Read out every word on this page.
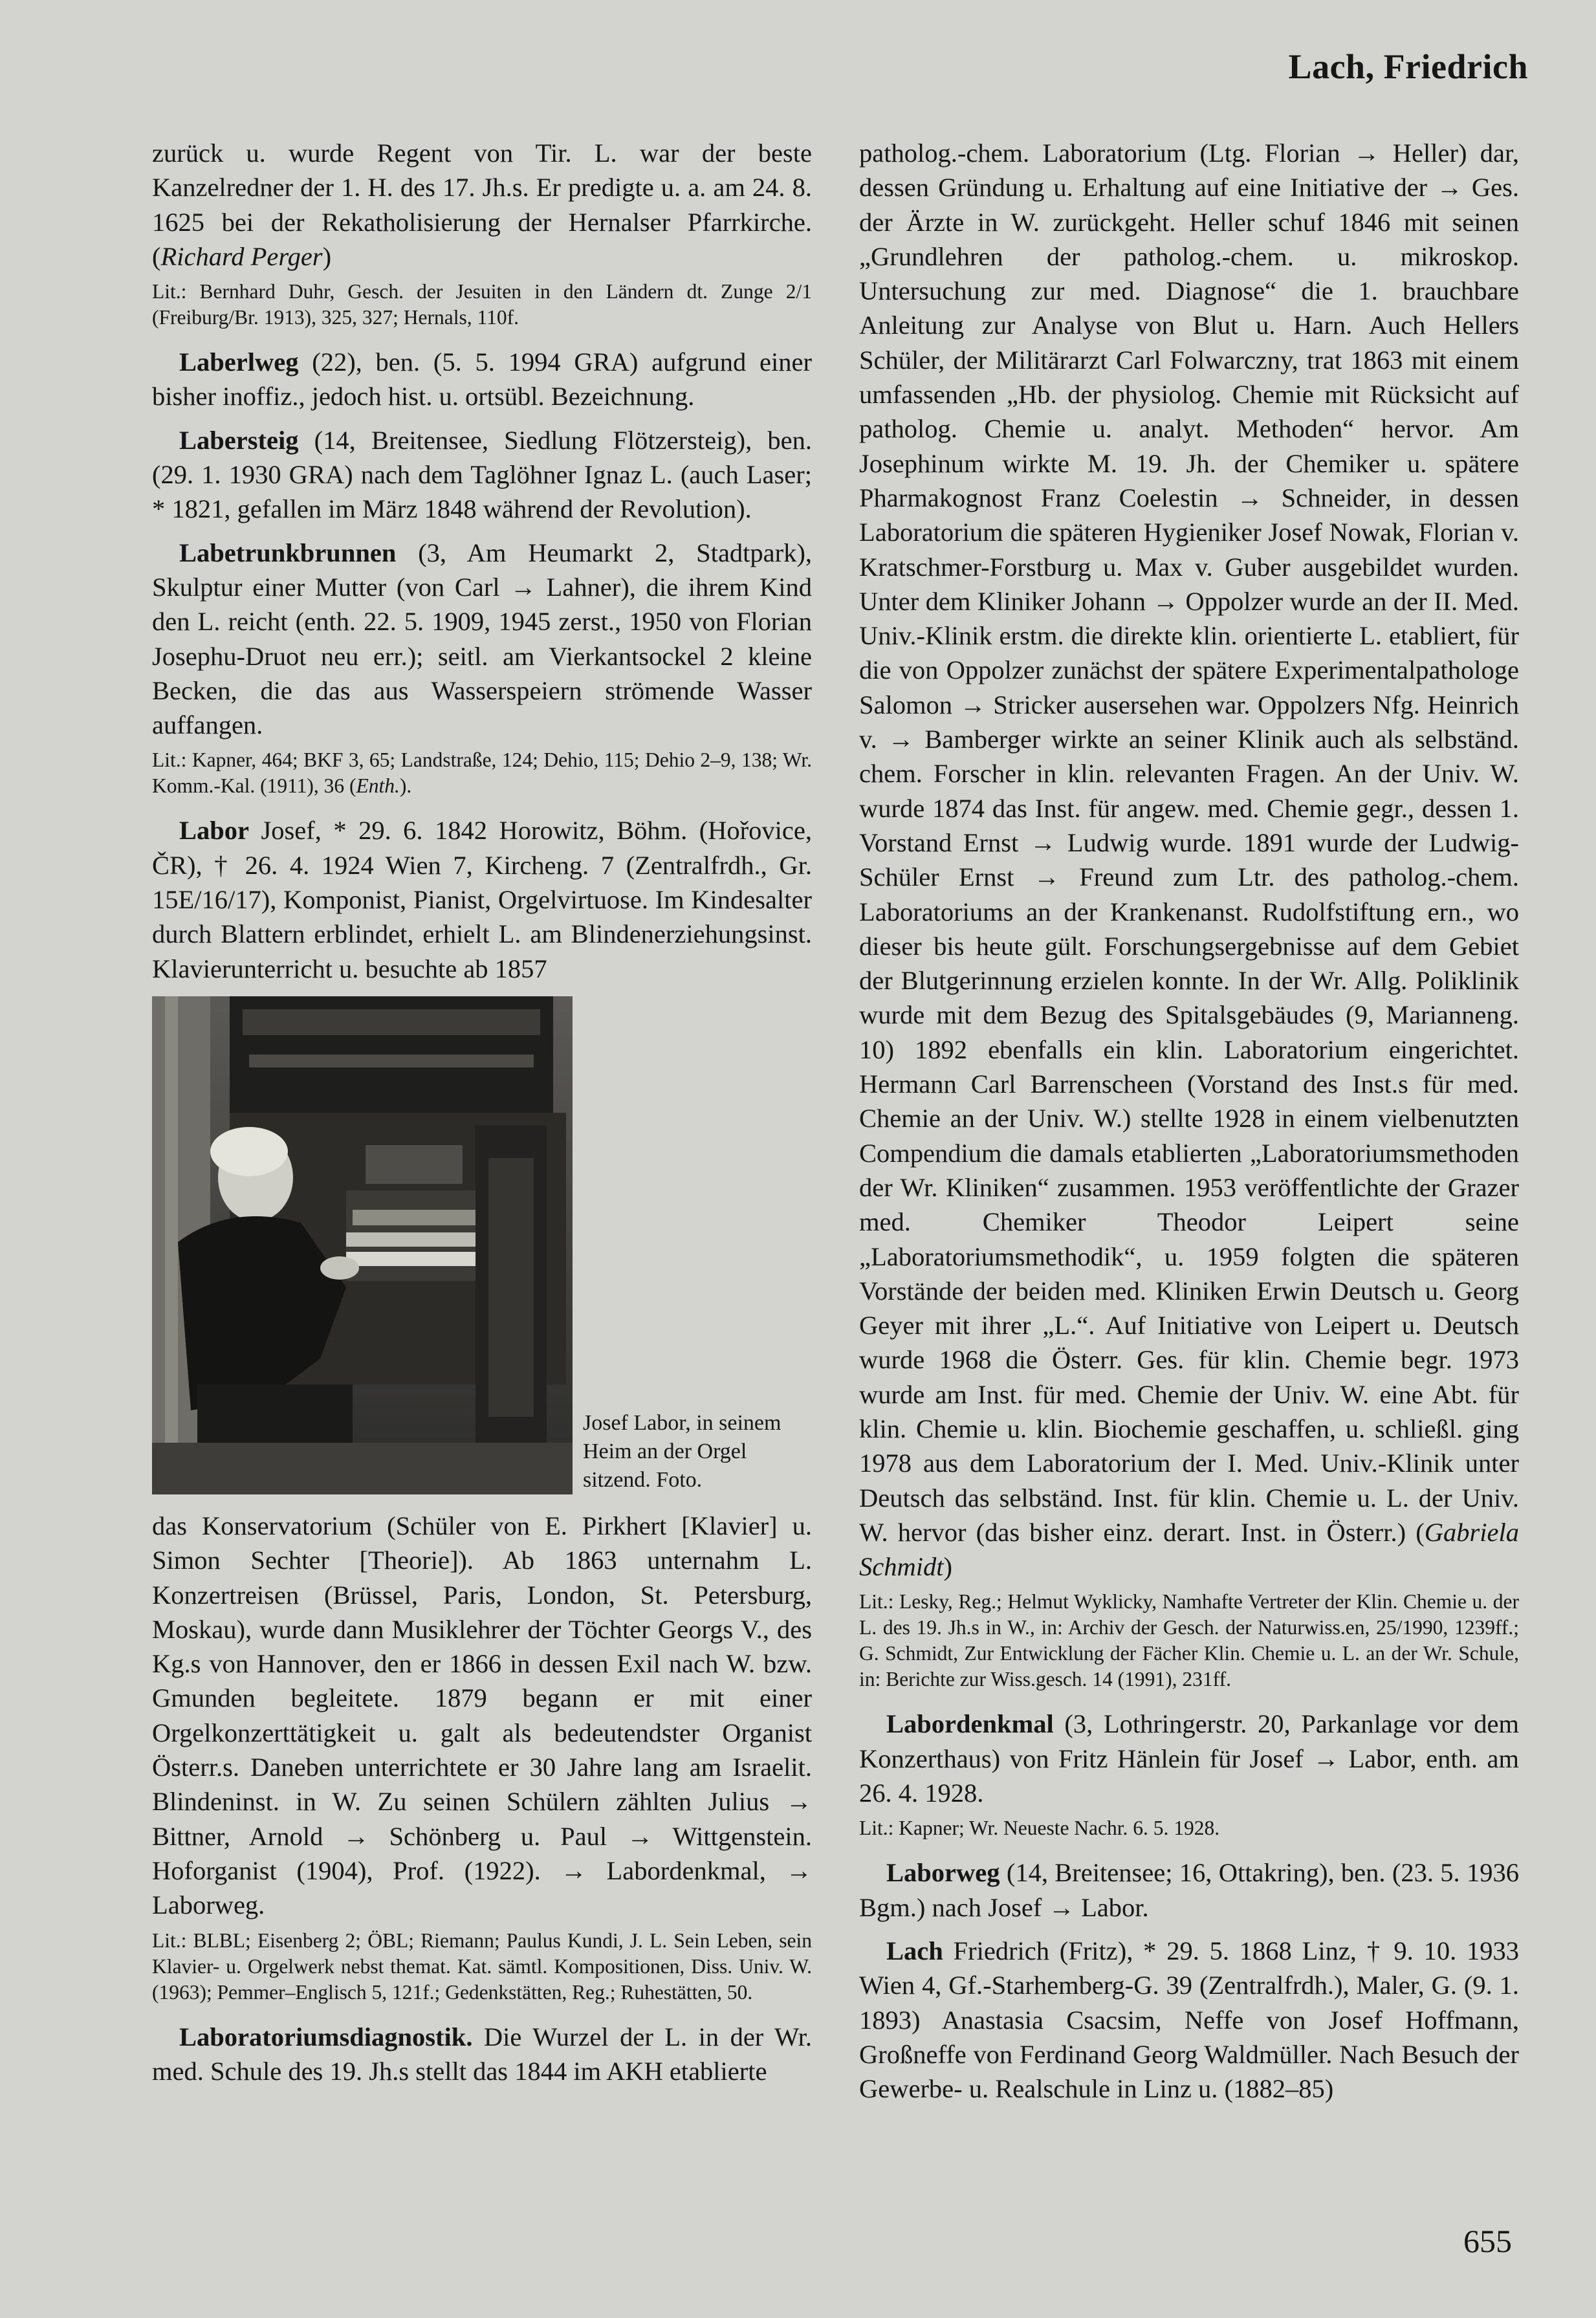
Lach, Friedrich

zurück u. wurde Regent von Tir. L. war der beste Kanzelredner der 1. H. des 17. Jh.s. Er predigte u. a. am 24. 8. 1625 bei der Rekatholisierung der Hernalser Pfarrkirche. (Richard Perger)

Lit.: Bernhard Duhr, Gesch. der Jesuiten in den Ländern dt. Zunge 2/1 (Freiburg/Br. 1913), 325, 327; Hernals, 110f.

Laberlweg (22), ben. (5. 5. 1994 GRA) aufgrund einer bisher inoffiz., jedoch hist. u. ortsübl. Bezeichnung.

Labersteig (14, Breitensee, Siedlung Flötzersteig), ben. (29. 1. 1930 GRA) nach dem Taglöhner Ignaz L. (auch Laser; * 1821, gefallen im März 1848 während der Revolution).

Labetrunkbrunnen (3, Am Heumarkt 2, Stadtpark), Skulptur einer Mutter (von Carl → Lahner), die ihrem Kind den L. reicht (enth. 22. 5. 1909, 1945 zerst., 1950 von Florian Josephu-Druot neu err.); seitl. am Vierkantsockel 2 kleine Becken, die das aus Wasserspeiern strömende Wasser auffangen.

Lit.: Kapner, 464; BKF 3, 65; Landstraße, 124; Dehio, 115; Dehio 2–9, 138; Wr. Komm.-Kal. (1911), 36 (Enth.).

Labor Josef, * 29. 6. 1842 Horowitz, Böhm. (Hořovice, ČR), † 26. 4. 1924 Wien 7, Kircheng. 7 (Zentralfrdh., Gr. 15E/16/17), Komponist, Pianist, Orgelvirtuose. Im Kindesalter durch Blattern erblindet, erhielt L. am Blindenerziehungsinst. Klavierunterricht u. besuchte ab 1857

Josef Labor, in seinem Heim an der Orgel sitzend. Foto.

das Konservatorium (Schüler von E. Pirkhert [Klavier] u. Simon Sechter [Theorie]). Ab 1863 unternahm L. Konzertreisen (Brüssel, Paris, London, St. Petersburg, Moskau), wurde dann Musiklehrer der Töchter Georgs V., des Kg.s von Hannover, den er 1866 in dessen Exil nach W. bzw. Gmunden begleitete. 1879 begann er mit einer Orgelkonzerttätigkeit u. galt als bedeutendster Organist Österr.s. Daneben unterrichtete er 30 Jahre lang am Israelit. Blindeninst. in W. Zu seinen Schülern zählten Julius → Bittner, Arnold → Schönberg u. Paul → Wittgenstein. Hoforganist (1904), Prof. (1922). → Labordenkmal, → Laborweg.

Lit.: BLBL; Eisenberg 2; ÖBL; Riemann; Paulus Kundi, J. L. Sein Leben, sein Klavier- u. Orgelwerk nebst themat. Kat. sämtl. Kompositionen, Diss. Univ. W. (1963); Pemmer–Englisch 5, 121f.; Gedenkstätten, Reg.; Ruhestätten, 50.

Laboratoriumsdiagnostik. Die Wurzel der L. in der Wr. med. Schule des 19. Jh.s stellt das 1844 im AKH etablierte

patholog.-chem. Laboratorium (Ltg. Florian → Heller) dar, dessen Gründung u. Erhaltung auf eine Initiative der → Ges. der Ärzte in W. zurückgeht. Heller schuf 1846 mit seinen „Grundlehren der patholog.-chem. u. mikroskop. Untersuchung zur med. Diagnose“ die 1. brauchbare Anleitung zur Analyse von Blut u. Harn. Auch Hellers Schüler, der Militärarzt Carl Folwarczny, trat 1863 mit einem umfassenden „Hb. der physiolog. Chemie mit Rücksicht auf patholog. Chemie u. analyt. Methoden“ hervor. Am Josephinum wirkte M. 19. Jh. der Chemiker u. spätere Pharmakognost Franz Coelestin → Schneider, in dessen Laboratorium die späteren Hygieniker Josef Nowak, Florian v. Kratschmer-Forstburg u. Max v. Guber ausgebildet wurden. Unter dem Kliniker Johann → Oppolzer wurde an der II. Med. Univ.-Klinik erstm. die direkte klin. orientierte L. etabliert, für die von Oppolzer zunächst der spätere Experimentalpathologe Salomon → Stricker ausersehen war. Oppolzers Nfg. Heinrich v. → Bamberger wirkte an seiner Klinik auch als selbständ. chem. Forscher in klin. relevanten Fragen. An der Univ. W. wurde 1874 das Inst. für angew. med. Chemie gegr., dessen 1. Vorstand Ernst → Ludwig wurde. 1891 wurde der Ludwig-Schüler Ernst → Freund zum Ltr. des patholog.-chem. Laboratoriums an der Krankenanst. Rudolfstiftung ern., wo dieser bis heute gült. Forschungsergebnisse auf dem Gebiet der Blutgerinnung erzielen konnte. In der Wr. Allg. Poliklinik wurde mit dem Bezug des Spitalsgebäudes (9, Marianneng. 10) 1892 ebenfalls ein klin. Laboratorium eingerichtet. Hermann Carl Barrenscheen (Vorstand des Inst.s für med. Chemie an der Univ. W.) stellte 1928 in einem vielbenutzten Compendium die damals etablierten „Laboratoriumsmethoden der Wr. Kliniken“ zusammen. 1953 veröffentlichte der Grazer med. Chemiker Theodor Leipert seine „Laboratoriumsmethodik“, u. 1959 folgten die späteren Vorstände der beiden med. Kliniken Erwin Deutsch u. Georg Geyer mit ihrer „L.“. Auf Initiative von Leipert u. Deutsch wurde 1968 die Österr. Ges. für klin. Chemie begr. 1973 wurde am Inst. für med. Chemie der Univ. W. eine Abt. für klin. Chemie u. klin. Biochemie geschaffen, u. schließl. ging 1978 aus dem Laboratorium der I. Med. Univ.-Klinik unter Deutsch das selbständ. Inst. für klin. Chemie u. L. der Univ. W. hervor (das bisher einz. derart. Inst. in Österr.) (Gabriela Schmidt)

Lit.: Lesky, Reg.; Helmut Wyklicky, Namhafte Vertreter der Klin. Chemie u. der L. des 19. Jh.s in W., in: Archiv der Gesch. der Naturwiss.en, 25/1990, 1239ff.; G. Schmidt, Zur Entwicklung der Fächer Klin. Chemie u. L. an der Wr. Schule, in: Berichte zur Wiss.gesch. 14 (1991), 231ff.

Labordenkmal (3, Lothringerstr. 20, Parkanlage vor dem Konzerthaus) von Fritz Hänlein für Josef → Labor, enth. am 26. 4. 1928.

Lit.: Kapner; Wr. Neueste Nachr. 6. 5. 1928.

Laborweg (14, Breitensee; 16, Ottakring), ben. (23. 5. 1936 Bgm.) nach Josef → Labor.

Lach Friedrich (Fritz), * 29. 5. 1868 Linz, † 9. 10. 1933 Wien 4, Gf.-Starhemberg-G. 39 (Zentralfrdh.), Maler, G. (9. 1. 1893) Anastasia Csacsim, Neffe von Josef Hoffmann, Großneffe von Ferdinand Georg Waldmüller. Nach Besuch der Gewerbe- u. Realschule in Linz u. (1882–85)

655
